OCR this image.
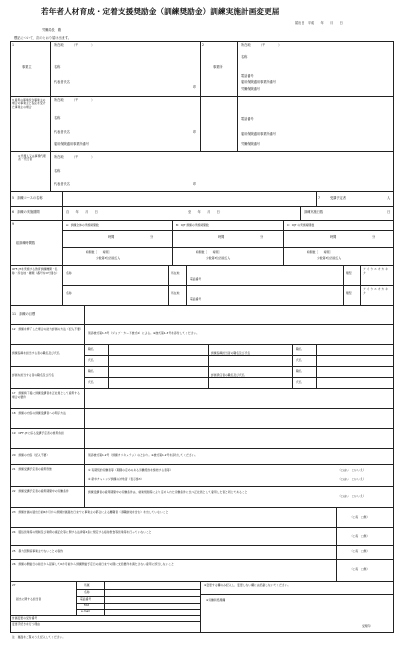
若年者人材育成・定着支援奨励金（訓練奨励金）訓練実施計画変更届
届出日　平成　　年　　月　　日
労働局長　殿
標記について、次のとおり届け出ます。
1
事業主
所在地	（〒　　　　）
名称
代表者氏名
印
2
事業所
所在地	（〒　　　　）
名称
電話番号
雇用保険適用事業所番号
労働保険番号
3 雇用の事業所が事業主の場合の事業主と指定を受けた事業主の場合
所在地	（〒　　　　）
名称
代表者氏名	印
雇用保険適用事業所番号
電話番号
雇用保険適用事業所番号
労働保険番号
4 代理人又は事務代理者・代行者
所在地	（〒　　　　）
名称
代表者氏名	印
5　訓練コースの名称	7	受講予定者	人
6　訓練の実施期間	自　　年　　月　　日	至　　年　　月　　日	訓練実施日数	日
9
総訓練時間数
A：訓練全体の実施時間数	B：OJT 訓練の実施時間数	C：OJT の実施時間数
時間	分	時間	分	時間	分
時間数［　　時間］
少数第3位四捨五入
時間数［　　時間］
少数第3位四捨五入
時間数［　　時間］
少数第3位四捨五入
OFF-JTを実施する教育訓練機関・名称・所在地・種類（番号をOで囲む）	名称	所在地
電話番号
類型
ア イ ウ エ オ カ キ ク
名称	所在地
電話番号
類型
ア イ ウ エ オ カ キ ク
11　訓練の目標
12　訓練を修了した場合の能力評価の方法（記入不要）
別添様式第1-3号（ジョブ・カード様式4）による。※様式第1-3号を添付してください。
訓練指導を担当する者の職名及び氏名
職名
氏名
訓練指導担当者の職名及び氏名
職名
氏名
評価を担当する者の職名及び氏名
職名
氏名
評価責任者の職名及び氏名
職名
氏名
17　訓練終了後に訓練受講者を正社員として雇用する場合の要件
18　訓練の内容の訓練受講者への明示方法
19　OFF-JTに係る受講予定者の費用負担
20　訓練の内容（記入不要）	別添様式第1-2号（訓練カリキュラム）のとおり。※様式第1-2号を添付してください。
21　訓練受講予定者の雇用形態	① 有期契約労働者等（期間の定めのある労働契約を締結する者等）
② 新卒チャレンジ訓練の対象者（表示参3）
（□はい　□いいえ）
（□はい　□いいえ）
22　訓練受講予定者の雇用期間中の労働条件	訓練受講者の雇用期間中の労働条件は、就業規則等により定められた労働条件に比べ正社員として雇用した者と同じであること
（□はい　□いいえ）
23　訓練計画の届出日前6か月から訓練計画届出日までに事業主の都合による離職者（退職勧奨を含む）を出していないこと
（□有　□無）
24　風俗営業等の規制及び業務の適正化等に関する法律第2条に規定する接待飲食等営業等を行っていないこと
（□有　□無）
25　暴力団関係事業主でないことの誓約	（□有　□無）
26　訓練の開始日の前日から起算して6か月前から訓練開始予定日の前日までの間に支給要件を満たさない雇用に該当しないこと
（□有　□無）
27
届出に関する担当者
所属
名称
電話番号
FAX
e-mail
※変更する欄のみ記入し、変更しない欄には記載しないでください。
※労働局処理欄
受理印
計画変更の受付番号
変更手続きを行う理由
注　裏面をご覧のうえ記入してください。
